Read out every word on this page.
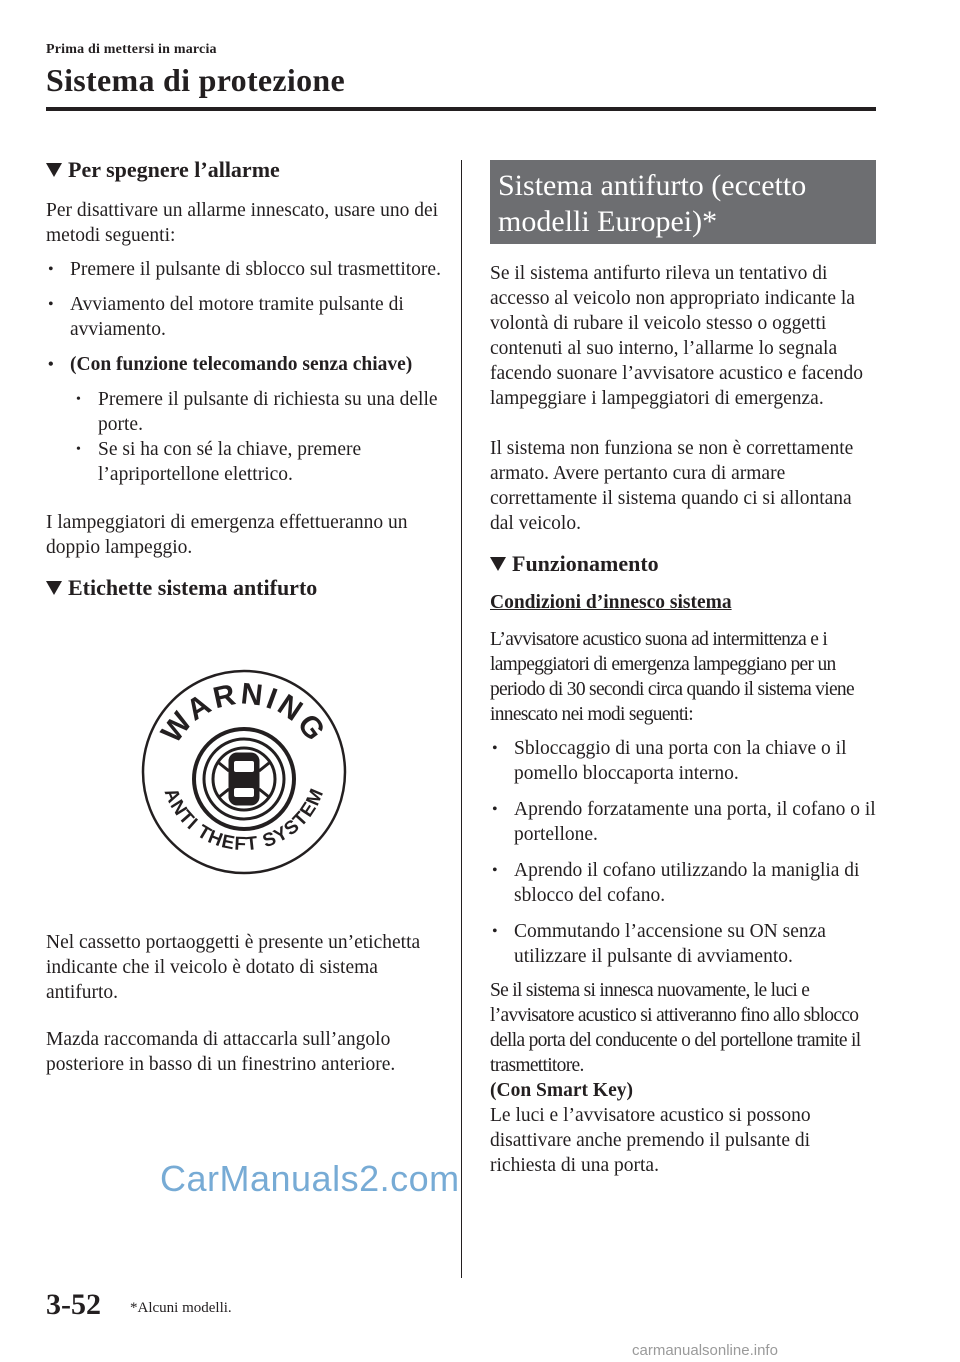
Prima di mettersi in marcia
Sistema di protezione
Per spegnere l’allarme

Per disattivare un allarme innescato, usare uno dei metodi seguenti:

• Premere il pulsante di sblocco sul trasmettitore.

• Avviamento del motore tramite pulsante di avviamento.

• (Con funzione telecomando senza chiave)

• Premere il pulsante di richiesta su una delle porte.

• Se si ha con sé la chiave, premere l’apriportellone elettrico.

I lampeggiatori di emergenza effettueranno un doppio lampeggio.

Etichette sistema antifurto
WARNING
ANTI THEFT SYSTEM

Nel cassetto portaoggetti è presente un’etichetta indicante che il veicolo è dotato di sistema antifurto.

Mazda raccomanda di attaccarla sull’angolo posteriore in basso di un finestrino anteriore.

Sistema antifurto (eccetto modelli Europei)*

Se il sistema antifurto rileva un tentativo di accesso al veicolo non appropriato indicante la volontà di rubare il veicolo stesso o oggetti contenuti al suo interno, l’allarme lo segnala facendo suonare l’avvisatore acustico e facendo lampeggiare i lampeggiatori di emergenza.

Il sistema non funziona se non è correttamente armato. Avere pertanto cura di armare correttamente il sistema quando ci si allontana dal veicolo.

Funzionamento

Condizioni d’innesco sistema

L’avvisatore acustico suona ad intermittenza e i lampeggiatori di emergenza lampeggiano per un periodo di 30 secondi circa quando il sistema viene innescato nei modi seguenti:

• Sbloccaggio di una porta con la chiave o il pomello bloccaporta interno.

• Aprendo forzatamente una porta, il cofano o il portellone.

• Aprendo il cofano utilizzando la maniglia di sblocco del cofano.

• Commutando l’accensione su ON senza utilizzare il pulsante di avviamento.

Se il sistema si innesca nuovamente, le luci e l’avvisatore acustico si attiveranno fino allo sblocco della porta del conducente o del portellone tramite il trasmettitore.

(Con Smart Key)

Le luci e l’avvisatore acustico si possono disattivare anche premendo il pulsante di richiesta di una porta.

3-52 *Alcuni modelli.
CarManuals2.com
carmanualsonline.info
